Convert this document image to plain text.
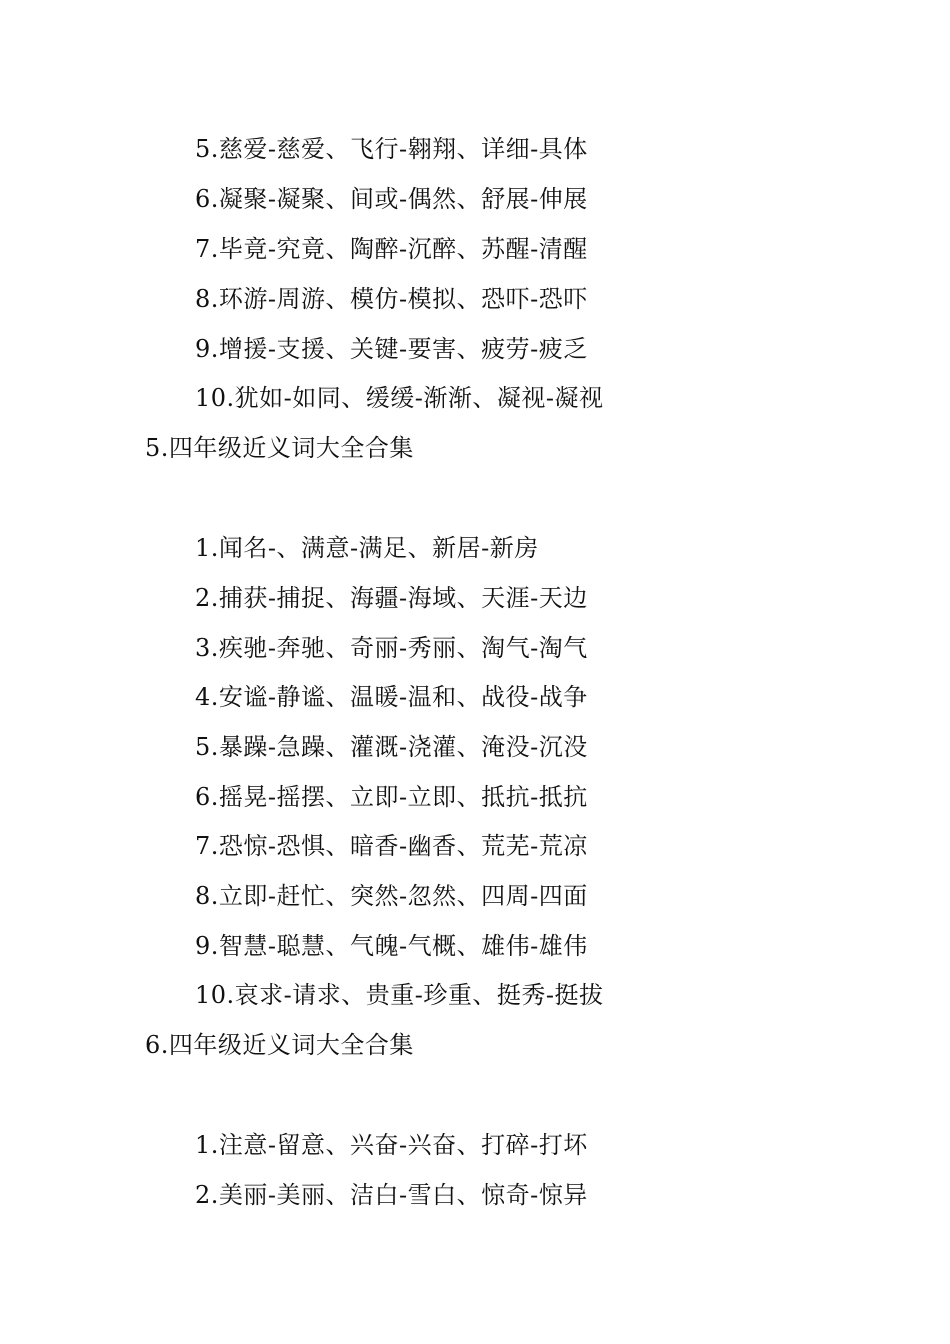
5.慈爱-慈爱、飞行-翱翔、详细-具体
6.凝聚-凝聚、间或-偶然、舒展-伸展
7.毕竟-究竟、陶醉-沉醉、苏醒-清醒
8.环游-周游、模仿-模拟、恐吓-恐吓
9.增援-支援、关键-要害、疲劳-疲乏
10.犹如-如同、缓缓-渐渐、凝视-凝视
5.四年级近义词大全合集
1.闻名-、满意-满足、新居-新房
2.捕获-捕捉、海疆-海域、天涯-天边
3.疾驰-奔驰、奇丽-秀丽、淘气-淘气
4.安谧-静谧、温暖-温和、战役-战争
5.暴躁-急躁、灌溉-浇灌、淹没-沉没
6.摇晃-摇摆、立即-立即、抵抗-抵抗
7.恐惊-恐惧、暗香-幽香、荒芜-荒凉
8.立即-赶忙、突然-忽然、四周-四面
9.智慧-聪慧、气魄-气概、雄伟-雄伟
10.哀求-请求、贵重-珍重、挺秀-挺拔
6.四年级近义词大全合集
1.注意-留意、兴奋-兴奋、打碎-打坏
2.美丽-美丽、洁白-雪白、惊奇-惊异
